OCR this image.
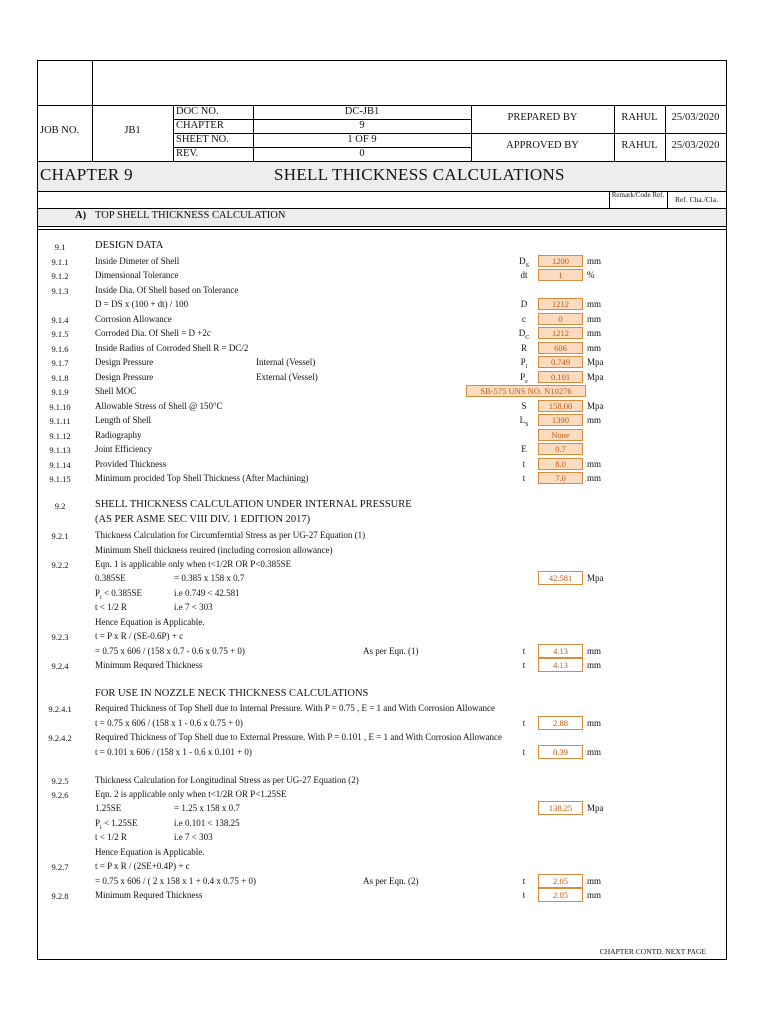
JOB NO.	JB1
DOC NO.	DC-JB1
CHAPTER	9
SHEET NO.	1 OF 9
REV.	0
PREPARED BY	RAHUL	25/03/2020
APPROVED BY	RAHUL	25/03/2020
CHAPTER 9	SHELL THICKNESS CALCULATIONS
Remark/Code Ref.	Ref. Cha./Cla.
A) TOP SHELL THICKNESS CALCULATION
9.1	DESIGN DATA
9.1.1	Inside Dimeter of Shell	$D_S$	1200	mm
9.1.2	Dimensional Tolerance	dt	1	%
9.1.3	Inside Dia. Of Shell based on Tolerance
D = DS x (100 + dt) / 100	D	1212	mm
9.1.4	Corrosion Allowance	c	0	mm
9.1.5	Corroded Dia. Of Shell = D +2c	$D_C$	1212	mm
9.1.6	Inside Radius of Corroded Shell R = DC/2	R	606	mm
9.1.7	Design Pressure	Internal (Vessel)	$P_i$	0.749	Mpa
9.1.8	Design Pressure	External (Vessel)	$P_e$	0.101	Mpa
9.1.9	Shell MOC	SB-575 UNS NO. N10276
9.1.10	Allowable Stress of Shell @ 150°C	S	158.00	Mpa
9.1.11	Length of Shell	$L_S$	1390	mm
9.1.12	Radiography	None
9.1.13	Joint Efficiency	E	0.7
9.1.14	Provided Thickness	t	8.0	mm
9.1.15	Minimum procided Top Shell Thickness (After Machining)	t	7.0	mm
9.2	SHELL THICKNESS CALCULATION UNDER INTERNAL PRESSURE
(AS PER ASME SEC VIII DIV. 1 EDITION 2017)
9.2.1	Thickness Calculation for Circumferntial Stress as per UG-27 Equation (1)
Minimum Shell thickness reuired (including corrosion allowance)
9.2.2	Eqn. 1 is applicable only when t<1/2R OR P<0.385SE
0.385SE	= 0.385 x 158 x 0.7	42.581	Mpa
$P_i < 0.385SE$	i.e 0.749 < 42.581
t < 1/2 R	i.e 7 < 303
Hence Equation is Applicable.
9.2.3	t = P x R / (SE-0.6P) + c
= 0.75 x 606 / (158 x 0.7 - 0.6 x 0.75 + 0)	As per Eqn. (1)	t	4.13	mm
9.2.4	Minimum Requred Thickness	t	4.13	mm
FOR USE IN NOZZLE NECK THICKNESS CALCULATIONS
9.2.4.1	Required Thickness of Top Shell due to Internal Pressure. With P = 0.75 , E = 1 and With Corrosion Allowance
t = 0.75 x 606 / (158 x 1 - 0.6 x 0.75 + 0)	t	2.88	mm
9.2.4.2	Required Thickness of Top Shell due to External Pressure. With P = 0.101 , E = 1 and With Corrosion Allowance
t = 0.101 x 606 / (158 x 1 - 0.6 x 0.101 + 0)	t	0.39	mm
9.2.5	Thickness Calculation for Longitudinal Stress as per UG-27 Equation (2)
9.2.6	Eqn. 2 is applicable only when t<1/2R OR P<1.25SE
1.25SE	= 1.25 x 158 x 0.7	138.25	Mpa
$P_i < 1.25SE$	i.e 0.101 < 138.25
t < 1/2 R	i.e 7 < 303
Hence Equation is Applicable.
9.2.7	t = P x R / (2SE+0.4P) + c
= 0.75 x 606 / ( 2 x 158 x 1 + 0.4 x 0.75 + 0)	As per Eqn. (2)	t	2.05	mm
9.2.8	Minimum Requred Thickness	t	2.05	mm
CHAPTER CONTD. NEXT PAGE
